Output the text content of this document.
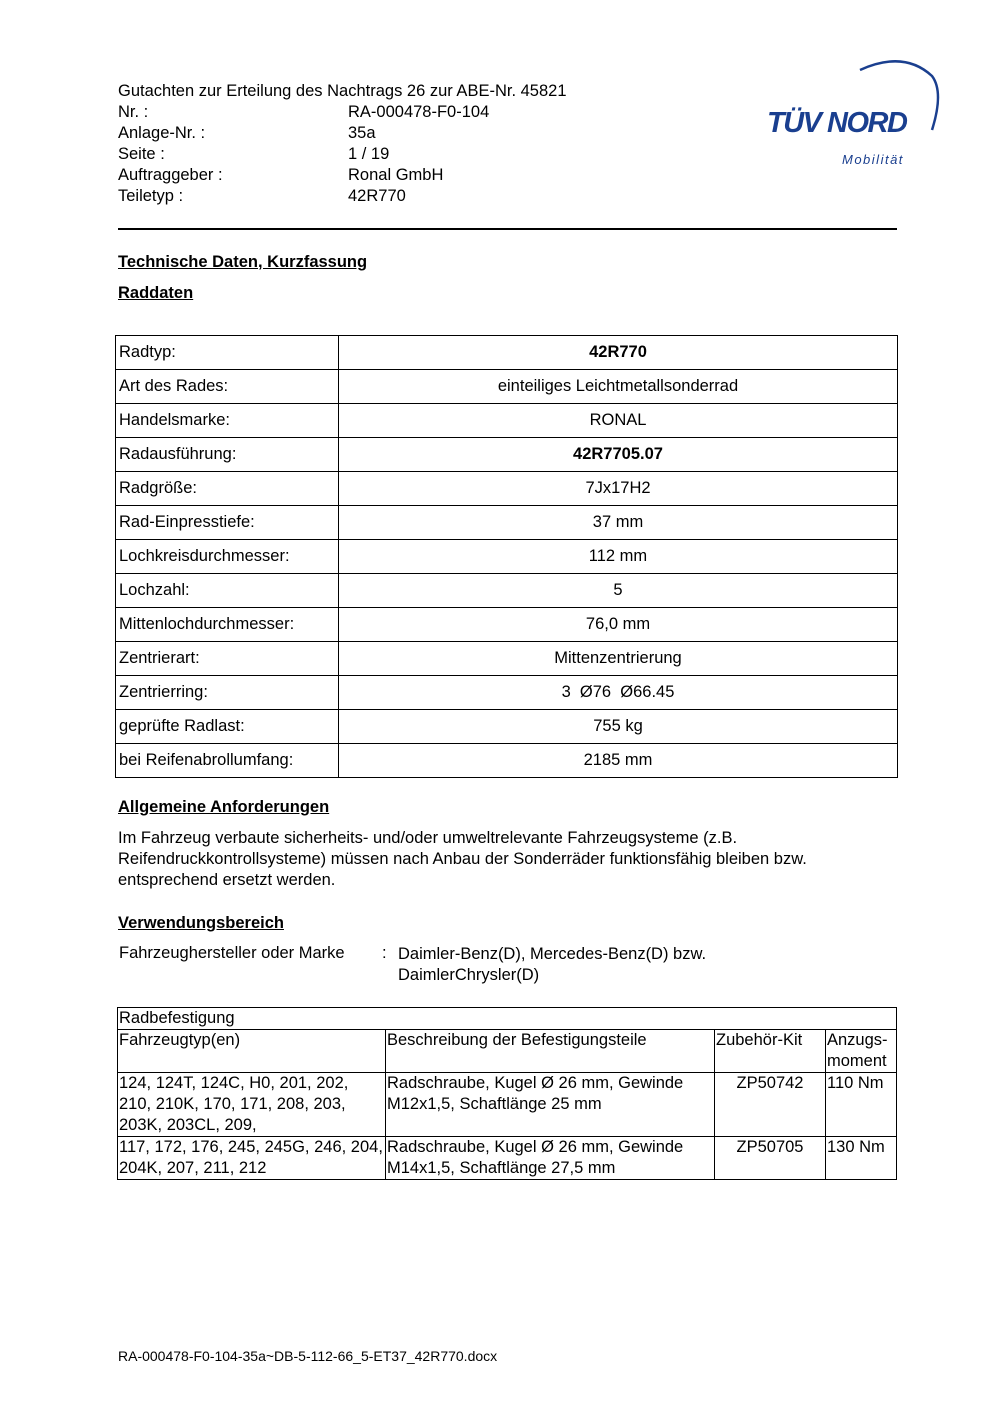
Gutachten zur Erteilung des Nachtrags 26 zur ABE-Nr. 45821
Nr. :	RA-000478-F0-104
Anlage-Nr. :	35a
Seite :	1 / 19
Auftraggeber :	Ronal GmbH
Teiletyp :	42R770
TÜV NORD
Mobilität
Technische Daten, Kurzfassung
Raddaten
Radtyp:	42R770
Art des Rades:	einteiliges Leichtmetallsonderrad
Handelsmarke:	RONAL
Radausführung:	42R7705.07
Radgröße:	7Jx17H2
Rad-Einpresstiefe:	37 mm
Lochkreisdurchmesser:	112 mm
Lochzahl:	5
Mittenlochdurchmesser:	76,0 mm
Zentrierart:	Mittenzentrierung
Zentrierring:	3  Ø76  Ø66.45
geprüfte Radlast:	755 kg
bei Reifenabrollumfang:	2185 mm
Allgemeine Anforderungen
Im Fahrzeug verbaute sicherheits- und/oder umweltrelevante Fahrzeugsysteme (z.B. Reifendruckkontrollsysteme) müssen nach Anbau der Sonderräder funktionsfähig bleiben bzw. entsprechend ersetzt werden.
Verwendungsbereich
Fahrzeughersteller oder Marke : Daimler-Benz(D), Mercedes-Benz(D) bzw. DaimlerChrysler(D)
Radbefestigung			
Fahrzeugtyp(en)	Beschreibung der Befestigungsteile	Zubehör-Kit	Anzugs-moment
124, 124T, 124C, H0, 201, 202, 210, 210K, 170, 171, 208, 203, 203K, 203CL, 209,	Radschraube, Kugel Ø 26 mm, Gewinde M12x1,5, Schaftlänge 25 mm	ZP50742	110 Nm
117, 172, 176, 245, 245G, 246, 204, 204K, 207, 211, 212	Radschraube, Kugel Ø 26 mm, Gewinde M14x1,5, Schaftlänge 27,5 mm	ZP50705	130 Nm
RA-000478-F0-104-35a~DB-5-112-66_5-ET37_42R770.docx
